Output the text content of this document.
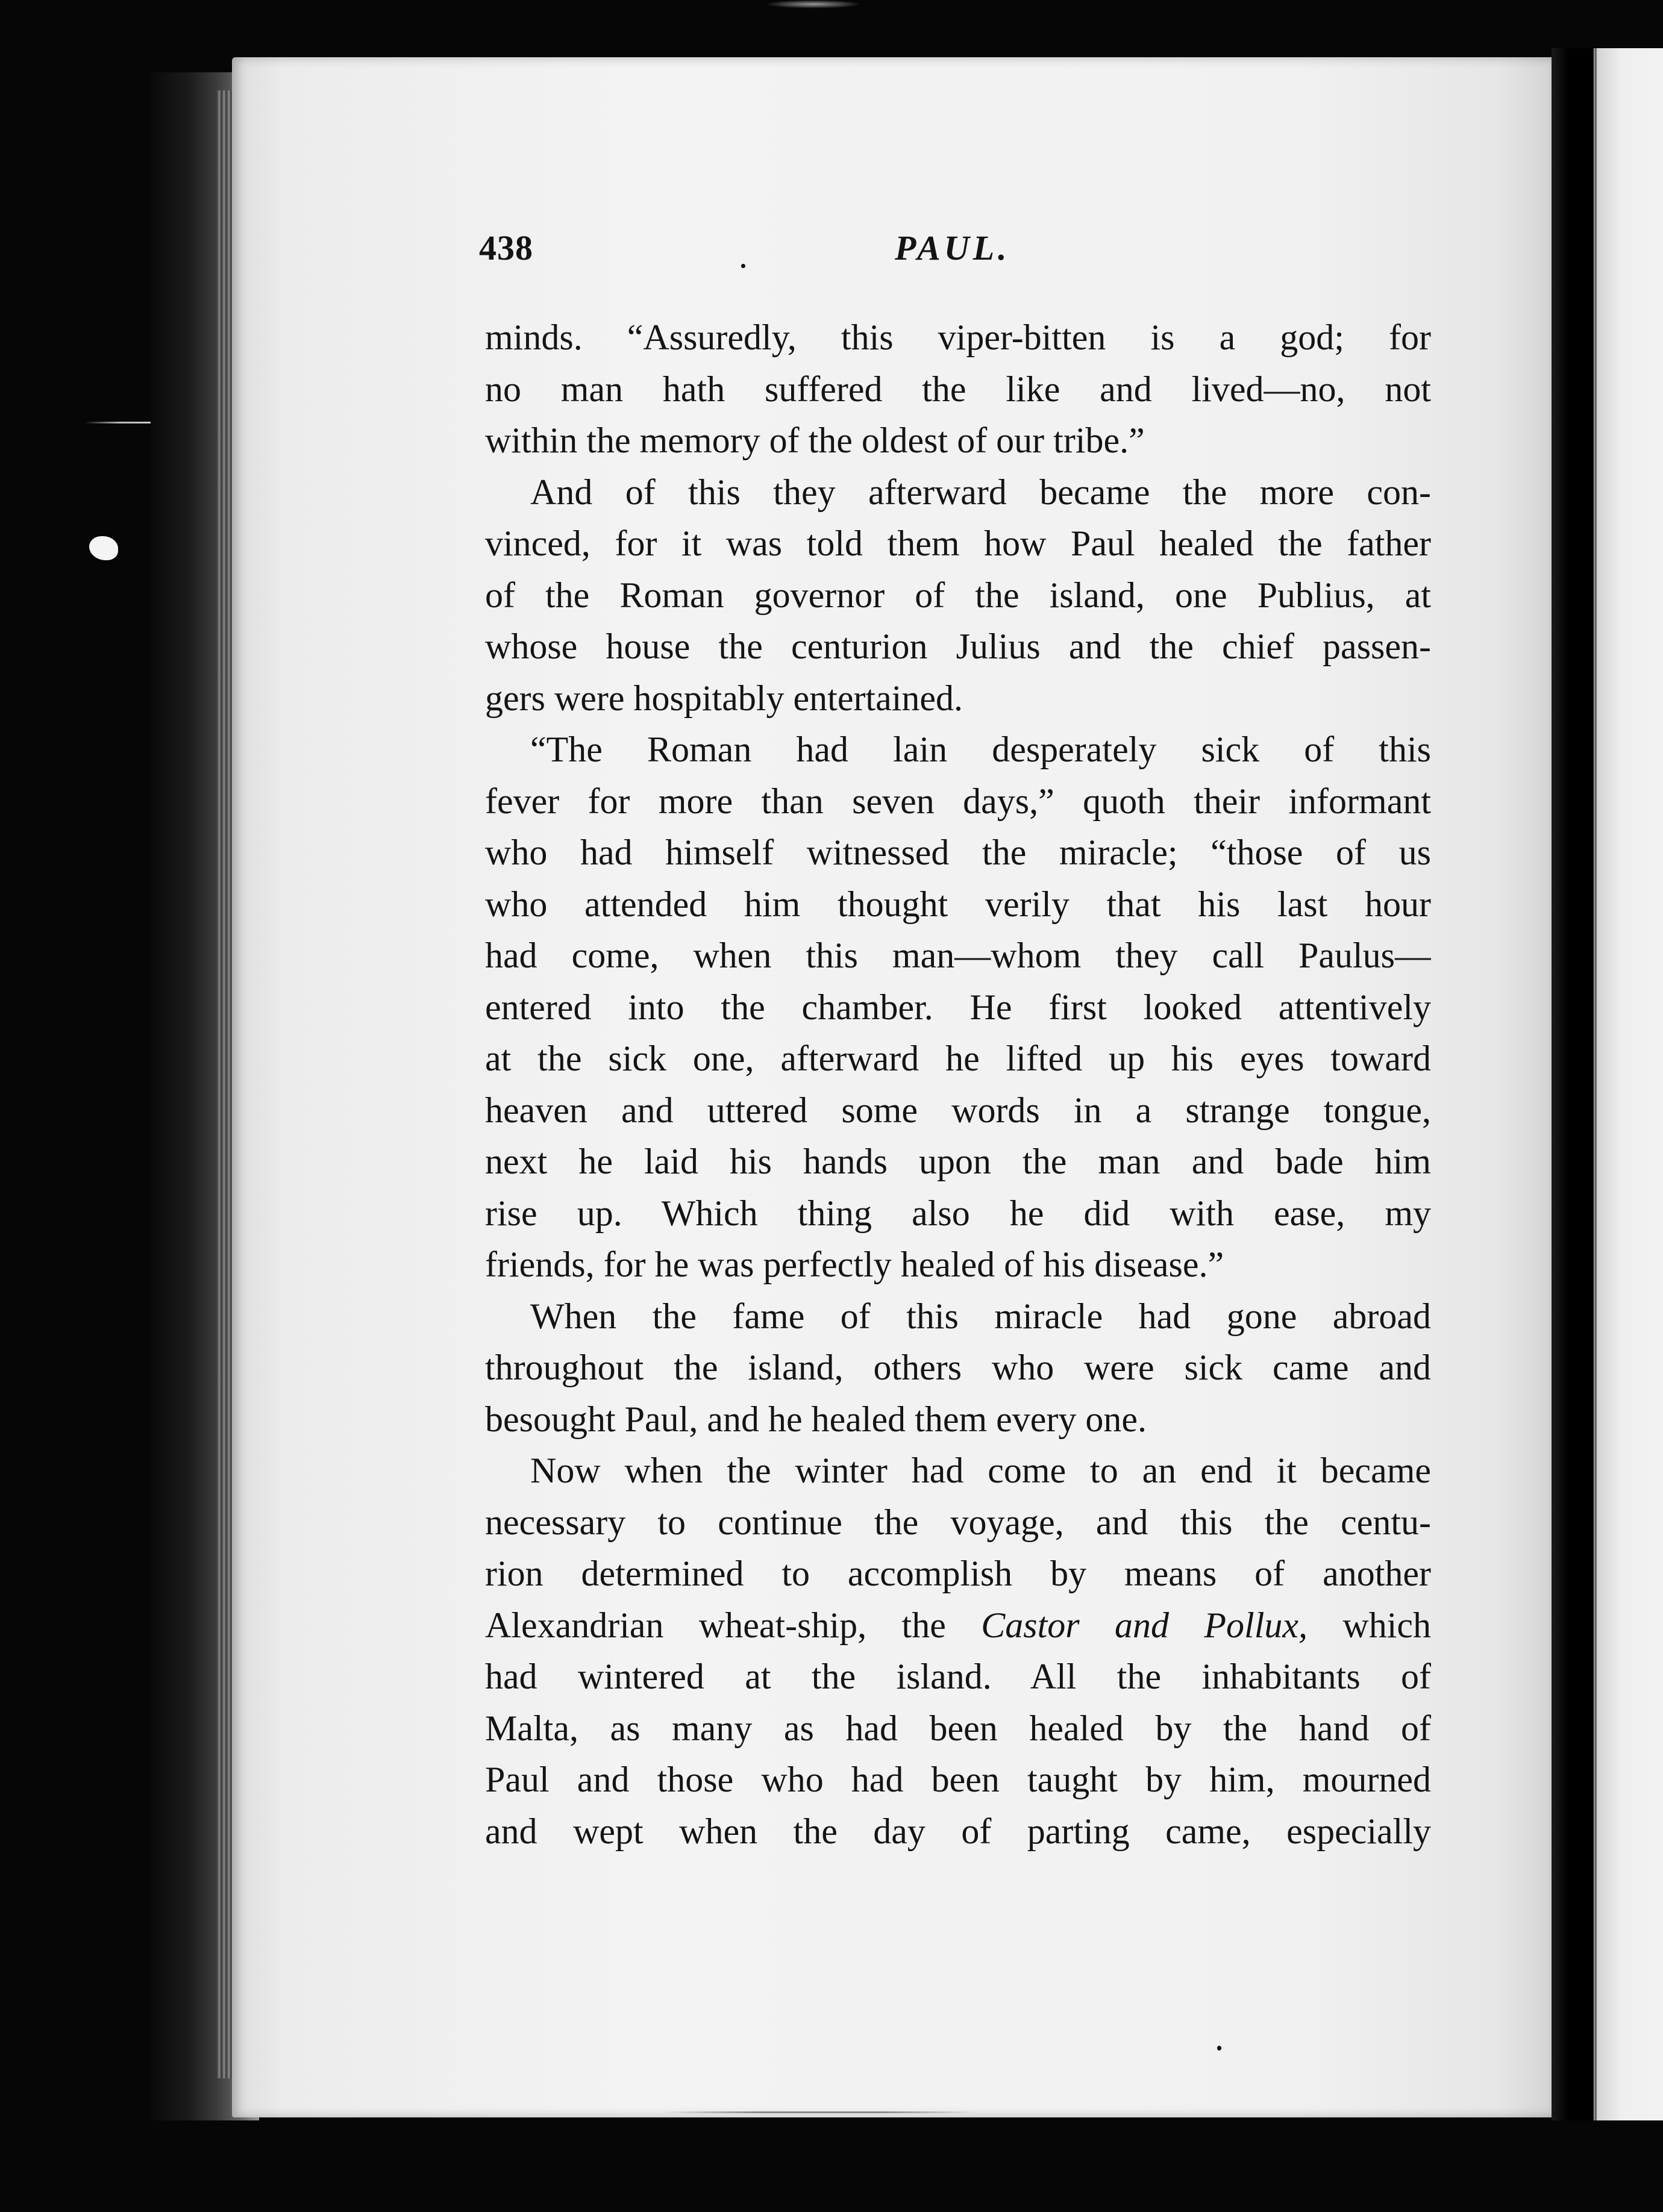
438	PAUL.
minds. “Assuredly, this viper-bitten is a god; for
no man hath suffered the like and lived—no, not
within the memory of the oldest of our tribe.”
And of this they afterward became the more con-
vinced, for it was told them how Paul healed the father
of the Roman governor of the island, one Publius, at
whose house the centurion Julius and the chief passen-
gers were hospitably entertained.
“The Roman had lain desperately sick of this
fever for more than seven days,” quoth their informant
who had himself witnessed the miracle; “those of us
who attended him thought verily that his last hour
had come, when this man—whom they call Paulus—
entered into the chamber. He first looked attentively
at the sick one, afterward he lifted up his eyes toward
heaven and uttered some words in a strange tongue,
next he laid his hands upon the man and bade him
rise up. Which thing also he did with ease, my
friends, for he was perfectly healed of his disease.”
When the fame of this miracle had gone abroad
throughout the island, others who were sick came and
besought Paul, and he healed them every one.
Now when the winter had come to an end it became
necessary to continue the voyage, and this the centu-
rion determined to accomplish by means of another
Alexandrian wheat-ship, the Castor and Pollux, which
had wintered at the island. All the inhabitants of
Malta, as many as had been healed by the hand of
Paul and those who had been taught by him, mourned
and wept when the day of parting came, especially
